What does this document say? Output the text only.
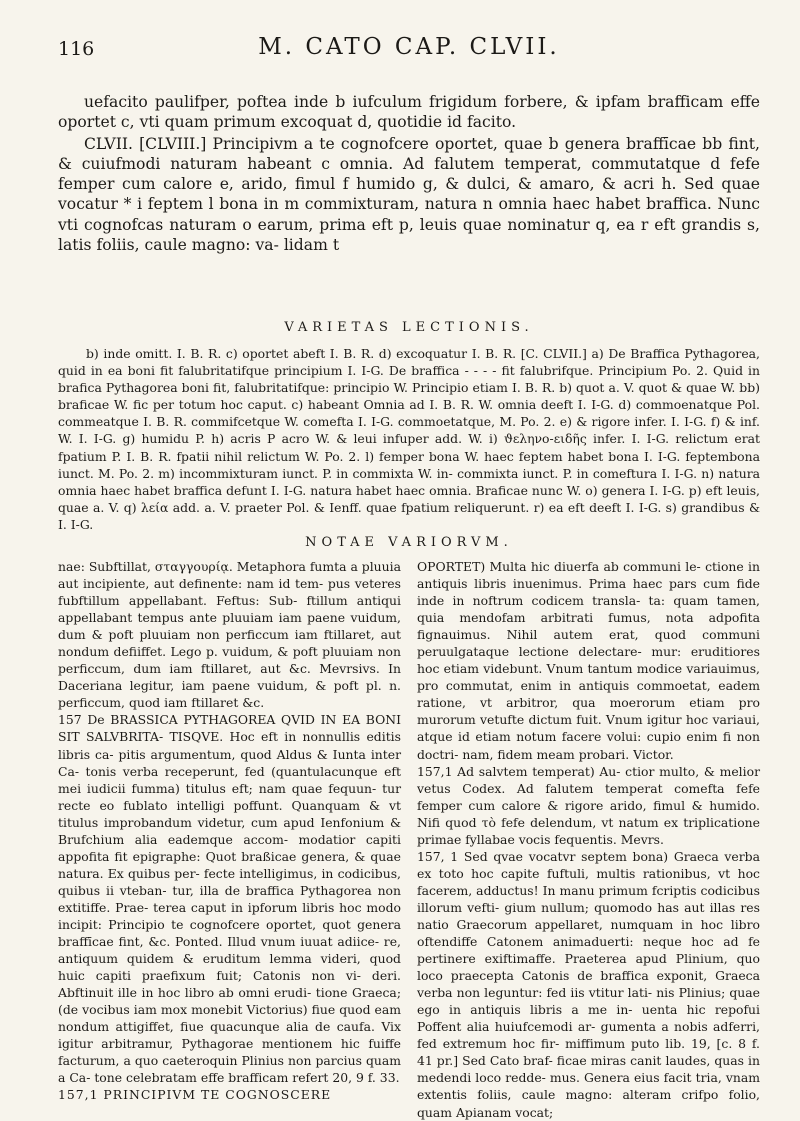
116	M. CATO CAP. CLVII.

uefacito paulifper, poftea inde b iufculum frigidum forbere, & ipfam brafficam effe oportet c, vti quam primum excoquat d, quotidie id facito.

CLVII. [CLVIII.] Principivm a te cognofcere oportet, quae b genera braffīcae bb fint, & cuiufmodi naturam habeant c omnia. Ad falutem temperat, commutatque d fefe femper cum calore e, arido, fimul f humido g, & dulci, & amaro, & acri h. Sed quae vocatur * i feptem l bona in m commixturam, natura n omnia haec habet braffica. Nunc vti cognofcas naturam o earum, prima eft p, leuis quae nominatur q, ea r eft grandis s, latis foliis, caule magno: va- lidam t

VARIETAS LECTIONIS.

b) inde omitt. I. B. R. c) oportet abeft I. B. R. d) excoquatur I. B. R. [C. CLVII.] a) De Braffica Pythagorea, quid in ea boni fit falubritatifque principium I. I-G. De braffica - - - - fit falubrifque. Principium Po. 2. Quid in brafica Pythagorea boni fit, falubritatifque: principio W. Principio etiam I. B. R. b) quot a. V. quot & quae W. bb) braficae W. fic per totum hoc caput. c) habeant Omnia ad I. B. R. W. omnia deeft I. I-G. d) commoenatque Pol. commeatque I. B. R. commifcetque W. comefta I. I-G. commoetatque, M. Po. 2. e) & rigore infer. I. I-G. f) & inf. W. I. I-G. g) humidu P. h) acris P acro W. & leui infuper add. W. i) ϑεληνο-ειδῆς infer. I. I-G. relictum erat fpatium P. I. B. R. fpatii nihil relictum W. Po. 2. l) femper bona W. haec feptem habet bona I. I-G. feptembona iunct. M. Po. 2. m) incommixturam iunct. P. in commixta W. in- commixta iunct. P. in comeftura I. I-G. n) natura omnia haec habet braffica defunt I. I-G. natura habet haec omnia. Braficae nunc W. o) genera I. I-G. p) eft leuis, quae a. V. q) λεία add. a. V. praeter Pol. & Ienff. quae fpatium reliquerunt. r) ea eft deeft I. I-G. s) grandibus & I. I-G.

NOTAE VARIORVM.

nae: Subftillat, σταγγουρίᾳ. Metaphora fumta a pluuia aut incipiente, aut definente: nam id tem- pus veteres fubftillum appellabant. Feftus: Sub- ftillum antiqui appellabant tempus ante pluuiam iam paene vuidum, dum & poft pluuiam non perficcum iam ftillaret, aut nondum defiiffet. Lego p. vuidum, & poft pluuiam non perficcum, dum iam ftillaret, aut &c. Mevrsivs. In Daceriana legitur, iam paene vuidum, & poft pl. n. perficcum, quod iam ftillaret &c.

157 De BRASSICA PYTHAGOREA QVID IN EA BONI SIT SALVBRITA- TISQVE. Hoc eft in nonnullis editis libris ca- pitis argumentum, quod Aldus & Iunta inter Ca- tonis verba receperunt, fed (quantulacunque eft mei iudicii fumma) titulus eft; nam quae fequun- tur recte eo fublato intelligi poffunt. Quanquam & vt titulus improbandum videtur, cum apud Ienfonium & Brufchium alia eademque accom- modatior capiti appofita fit epigraphe: Quot braßicae genera, & quae natura. Ex quibus per- fecte intelligimus, in codicibus, quibus ii vteban- tur, illa de braffica Pythagorea non extitiffe. Prae- terea caput in ipforum libris hoc modo incipit: Principio te cognofcere oportet, quot genera braffīcae fint, &c. Ponted. Illud vnum iuuat adiice- re, antiquum quidem & eruditum lemma videri, quod huic capiti praefixum fuit; Catonis non vi- deri. Abftinuit ille in hoc libro ab omni erudi- tione Graeca; (de vocibus iam mox monebit Victorius) fiue quod eam nondum attigiffet, fiue quacunque alia de caufa. Vix igitur arbitramur, Pythagorae mentionem hic fuiffe facturum, a quo caeteroquin Plinius non parcius quam a Ca- tone celebratam effe brafficam refert 20, 9 f. 33.

157,1 PRINCIPIVM TE COGNOSCERE

OPORTET) Multa hic diuerfa ab communi le- ctione in antiquis libris inuenimus. Prima haec pars cum fide inde in noftrum codicem transla- ta: quam tamen, quia mendofam arbitrati fumus, nota adpofita fignauimus. Nihil autem erat, quod communi peruulgataque lectione delectare- mur: eruditiores hoc etiam videbunt. Vnum tantum modice variauimus, pro commutat, enim in antiquis commoetat, eadem ratione, vt arbitror, qua moerorum etiam pro murorum vetufte dictum fuit. Vnum igitur hoc variaui, atque id etiam notum facere volui: cupio enim fi non doctri- nam, fidem meam probari. Victor.

157,1 Ad salvtem temperat) Au- ctior multo, & melior vetus Codex. Ad falutem temperat comefta fefe femper cum calore & rigore arido, fimul & humido. Nifi quod τὸ fefe delendum, vt natum ex triplicatione primae fyllabae vocis fequentis. Mevrs.

157, 1 Sed qvae vocatvr septem bona) Graeca verba ex toto hoc capite fuftuli, multis rationibus, vt hoc facerem, adductus! In manu primum fcriptis codicibus illorum vefti- gium nullum; quomodo has aut illas res natio Graecorum appellaret, numquam in hoc libro oftendiffe Catonem animaduerti: neque hoc ad fe pertinere exiftimaffe. Praeterea apud Plinium, quo loco praecepta Catonis de braffica exponit, Graeca verba non leguntur: fed iis vtitur lati- nis Plinius; quae ego in antiquis libris a me in- uenta hic repofui Poffent alia huiufcemodi ar- gumenta a nobis adferri, fed extremum hoc fir- miffimum puto lib. 19, [c. 8 f. 41 pr.] Sed Cato braf- ficae miras canit laudes, quas in medendi loco redde- mus. Genera eius facit tria, vnam extentis foliis, caule magno: alteram crifpo folio, quam Apianam vocat;
